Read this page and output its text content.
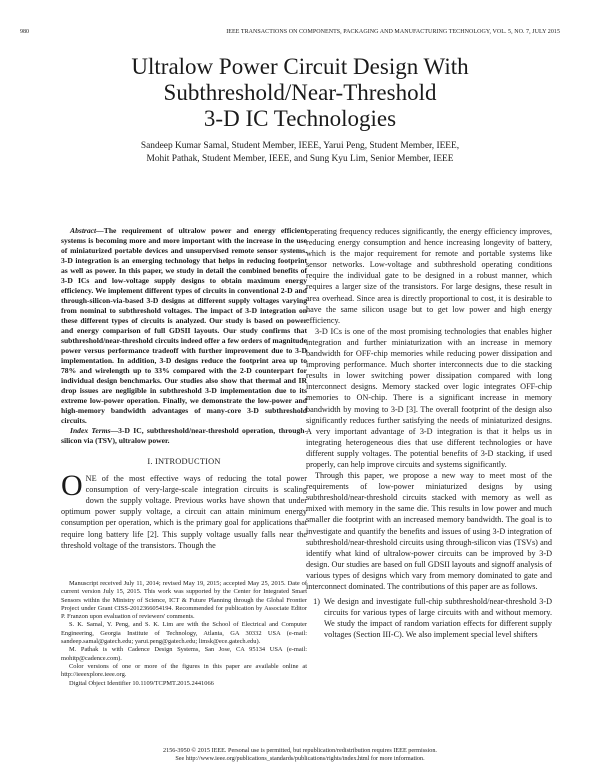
980	IEEE TRANSACTIONS ON COMPONENTS, PACKAGING AND MANUFACTURING TECHNOLOGY, VOL. 5, NO. 7, JULY 2015
Ultralow Power Circuit Design With
Subthreshold/Near-Threshold
3-D IC Technologies
Sandeep Kumar Samal, Student Member, IEEE, Yarui Peng, Student Member, IEEE,
Mohit Pathak, Student Member, IEEE, and Sung Kyu Lim, Senior Member, IEEE

Abstract—The requirement of ultralow power and energy efficient systems is becoming more and more important with the increase in the use of miniaturized portable devices and unsupervised remote sensor systems. 3-D integration is an emerging technology that helps in reducing footprint as well as power. In this paper, we study in detail the combined benefits of 3-D ICs and low-voltage supply designs to obtain maximum energy efficiency. We implement different types of circuits in conventional 2-D and through-silicon-via-based 3-D designs at different supply voltages varying from nominal to subthreshold voltages. The impact of 3-D integration on these different types of circuits is analyzed. Our study is based on power and energy comparison of full GDSII layouts. Our study confirms that subthreshold/near-threshold circuits indeed offer a few orders of magnitude power versus performance tradeoff with further improvement due to 3-D implementation. In addition, 3-D designs reduce the footprint area up to 78% and wirelength up to 33% compared with the 2-D counterpart for individual design benchmarks. Our studies also show that thermal and IR drop issues are negligible in subthreshold 3-D implementation due to its extreme low-power operation. Finally, we demonstrate the low-power and high-memory bandwidth advantages of many-core 3-D subthreshold circuits.

Index Terms—3-D IC, subthreshold/near-threshold operation, through-silicon via (TSV), ultralow power.

I. INTRODUCTION

ONE of the most effective ways of reducing the total power consumption of very-large-scale integration circuits is scaling down the supply voltage. Previous works have shown that under optimum power supply voltage, a circuit can attain minimum energy consumption per operation, which is the primary goal for applications that require long battery life [2]. This supply voltage usually falls near the threshold voltage of the transistors. Though the

Manuscript received July 11, 2014; revised May 19, 2015; accepted May 25, 2015. Date of current version July 15, 2015. This work was supported by the Center for Integrated Smart Sensors within the Ministry of Science, ICT & Future Planning through the Global Frontier Project under Grant CISS-2012366054194. Recommended for publication by Associate Editor P. Franzon upon evaluation of reviewers' comments.

S. K. Samal, Y. Peng, and S. K. Lim are with the School of Electrical and Computer Engineering, Georgia Institute of Technology, Atlanta, GA 30332 USA (e-mail: sandeep.samal@gatech.edu; yarui.peng@gatech.edu; limsk@ece.gatech.edu).

M. Pathak is with Cadence Design Systems, San Jose, CA 95134 USA (e-mail: mohitp@cadence.com).

Color versions of one or more of the figures in this paper are available online at http://ieeexplore.ieee.org.

Digital Object Identifier 10.1109/TCPMT.2015.2441066

operating frequency reduces significantly, the energy efficiency improves, reducing energy consumption and hence increasing longevity of battery, which is the major requirement for remote and portable systems like sensor networks. Low-voltage and subthreshold operating conditions require the individual gate to be designed in a robust manner, which requires a larger size of the transistors. For large designs, these result in area overhead. Since area is directly proportional to cost, it is desirable to have the same silicon usage but to get low power and high energy efficiency.

3-D ICs is one of the most promising technologies that enables higher integration and further miniaturization with an increase in memory bandwidth for OFF-chip memories while reducing power dissipation and improving performance. Much shorter interconnects due to die stacking results in lower switching power dissipation compared with long interconnect designs. Memory stacked over logic integrates OFF-chip memories to ON-chip. There is a significant increase in memory bandwidth by moving to 3-D [3]. The overall footprint of the design also significantly reduces further satisfying the needs of miniaturized designs. A very important advantage of 3-D integration is that it helps us in integrating heterogeneous dies that use different technologies or have different supply voltages. The potential benefits of 3-D stacking, if used properly, can help improve circuits and systems significantly.

Through this paper, we propose a new way to meet most of the requirements of low-power miniaturized designs by using subthreshold/near-threshold circuits stacked with memory as well as mixed with memory in the same die. This results in low power and much smaller die footprint with an increased memory bandwidth. The goal is to investigate and quantify the benefits and issues of using 3-D integration of subthreshold/near-threshold circuits using through-silicon vias (TSVs) and identify what kind of ultralow-power circuits can be improved by 3-D design. Our studies are based on full GDSII layouts and signoff analysis of various types of designs which vary from memory dominated to gate and interconnect dominated. The contributions of this paper are as follows.

1) We design and investigate full-chip subthreshold/near-threshold 3-D circuits for various types of large circuits with and without memory. We study the impact of random variation effects for different supply voltages (Section III-C). We also implement special level shifters
2156-3950 © 2015 IEEE. Personal use is permitted, but republication/redistribution requires IEEE permission.
See http://www.ieee.org/publications_standards/publications/rights/index.html for more information.
